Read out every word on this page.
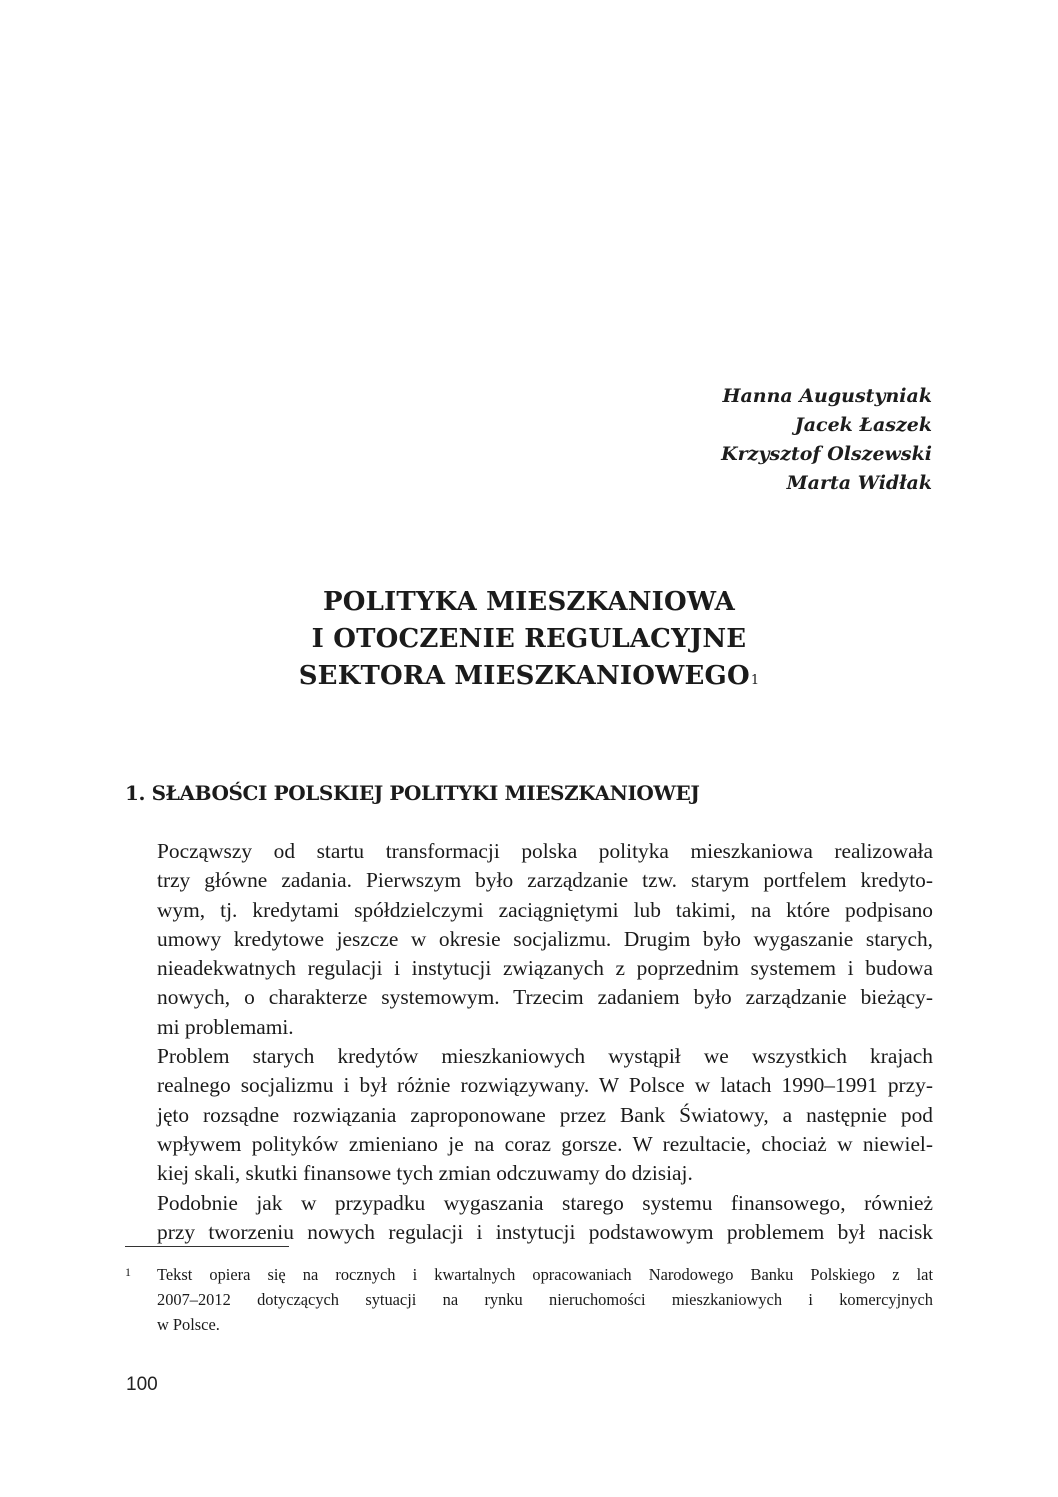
Hanna Augustyniak
Jacek Łaszek
Krzysztof Olszewski
Marta Widłak
POLITYKA MIESZKANIOWA
I OTOCZENIE REGULACYJNE
SEKTORA MIESZKANIOWEGO$^1$
1. SŁABOŚCI POLSKIEJ POLITYKI MIESZKANIOWEJ

Począwszy od startu transformacji polska polityka mieszkaniowa realizowała
trzy główne zadania. Pierwszym było zarządzanie tzw. starym portfelem kredyto-
wym, tj. kredytami spółdzielczymi zaciągniętymi lub takimi, na które podpisano
umowy kredytowe jeszcze w okresie socjalizmu. Drugim było wygaszanie starych,
nieadekwatnych regulacji i instytucji związanych z poprzednim systemem i budowa
nowych, o charakterze systemowym. Trzecim zadaniem było zarządzanie bieżący-
mi problemami.

Problem starych kredytów mieszkaniowych wystąpił we wszystkich krajach
realnego socjalizmu i był różnie rozwiązywany. W Polsce w latach 1990–1991 przy-
jęto rozsądne rozwiązania zaproponowane przez Bank Światowy, a następnie pod
wpływem polityków zmieniano je na coraz gorsze. W rezultacie, chociaż w niewiel-
kiej skali, skutki finansowe tych zmian odczuwamy do dzisiaj.

Podobnie jak w przypadku wygaszania starego systemu finansowego, również
przy tworzeniu nowych regulacji i instytucji podstawowym problemem był nacisk

1 Tekst opiera się na rocznych i kwartalnych opracowaniach Narodowego Banku Polskiego z lat
2007–2012 dotyczących sytuacji na rynku nieruchomości mieszkaniowych i komercyjnych
w Polsce.
100
